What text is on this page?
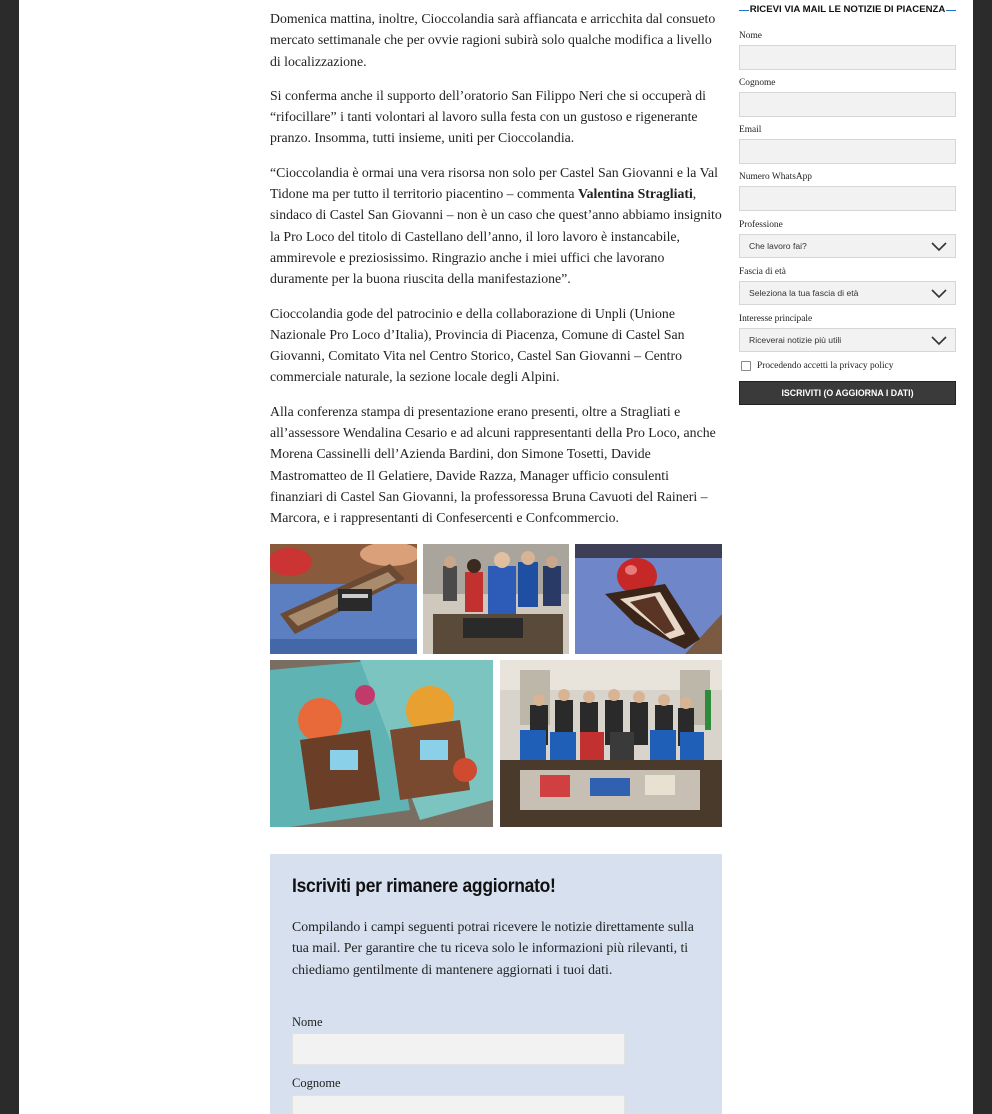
Domenica mattina, inoltre, Cioccolandia sarà affiancata e arricchita dal consueto mercato settimanale che per ovvie ragioni subirà solo qualche modifica a livello di localizzazione.

Si conferma anche il supporto dell’oratorio San Filippo Neri che si occuperà di “rifocillare” i tanti volontari al lavoro sulla festa con un gustoso e rigenerante pranzo. Insomma, tutti insieme, uniti per Cioccolandia.

“Cioccolandia è ormai una vera risorsa non solo per Castel San Giovanni e la Val Tidone ma per tutto il territorio piacentino – commenta Valentina Stragliati, sindaco di Castel San Giovanni – non è un caso che quest’anno abbiamo insignito la Pro Loco del titolo di Castellano dell’anno, il loro lavoro è instancabile, ammirevole e preziosissimo. Ringrazio anche i miei uffici che lavorano duramente per la buona riuscita della manifestazione”.

Cioccolandia gode del patrocinio e della collaborazione di Unpli (Unione Nazionale Pro Loco d’Italia), Provincia di Piacenza, Comune di Castel San Giovanni, Comitato Vita nel Centro Storico, Castel San Giovanni – Centro commerciale naturale, la sezione locale degli Alpini.

Alla conferenza stampa di presentazione erano presenti, oltre a Stragliati e all’assessore Wendalina Cesario e ad alcuni rappresentanti della Pro Loco, anche Morena Cassinelli dell’Azienda Bardini, don Simone Tosetti, Davide Mastromatteo de Il Gelatiere, Davide Razza, Manager ufficio consulenti finanziari di Castel San Giovanni, la professoressa Bruna Cavuoti del Raineri – Marcora, e i rappresentanti di Confesercenti e Confcommercio.

Iscriviti per rimanere aggiornato!

Compilando i campi seguenti potrai ricevere le notizie direttamente sulla tua mail. Per garantire che tu riceva solo le informazioni più rilevanti, ti chiediamo gentilmente di mantenere aggiornati i tuoi dati.

Nome
Cognome
RICEVI VIA MAIL LE NOTIZIE DI PIACENZA
Nome
Cognome
Email
Numero WhatsApp
Professione
Che lavoro fai?
Fascia di età
Seleziona la tua fascia di età
Interesse principale
Riceverai notizie più utili
Procedendo accetti la privacy policy
ISCRIVITI (O AGGIORNA I DATI)
